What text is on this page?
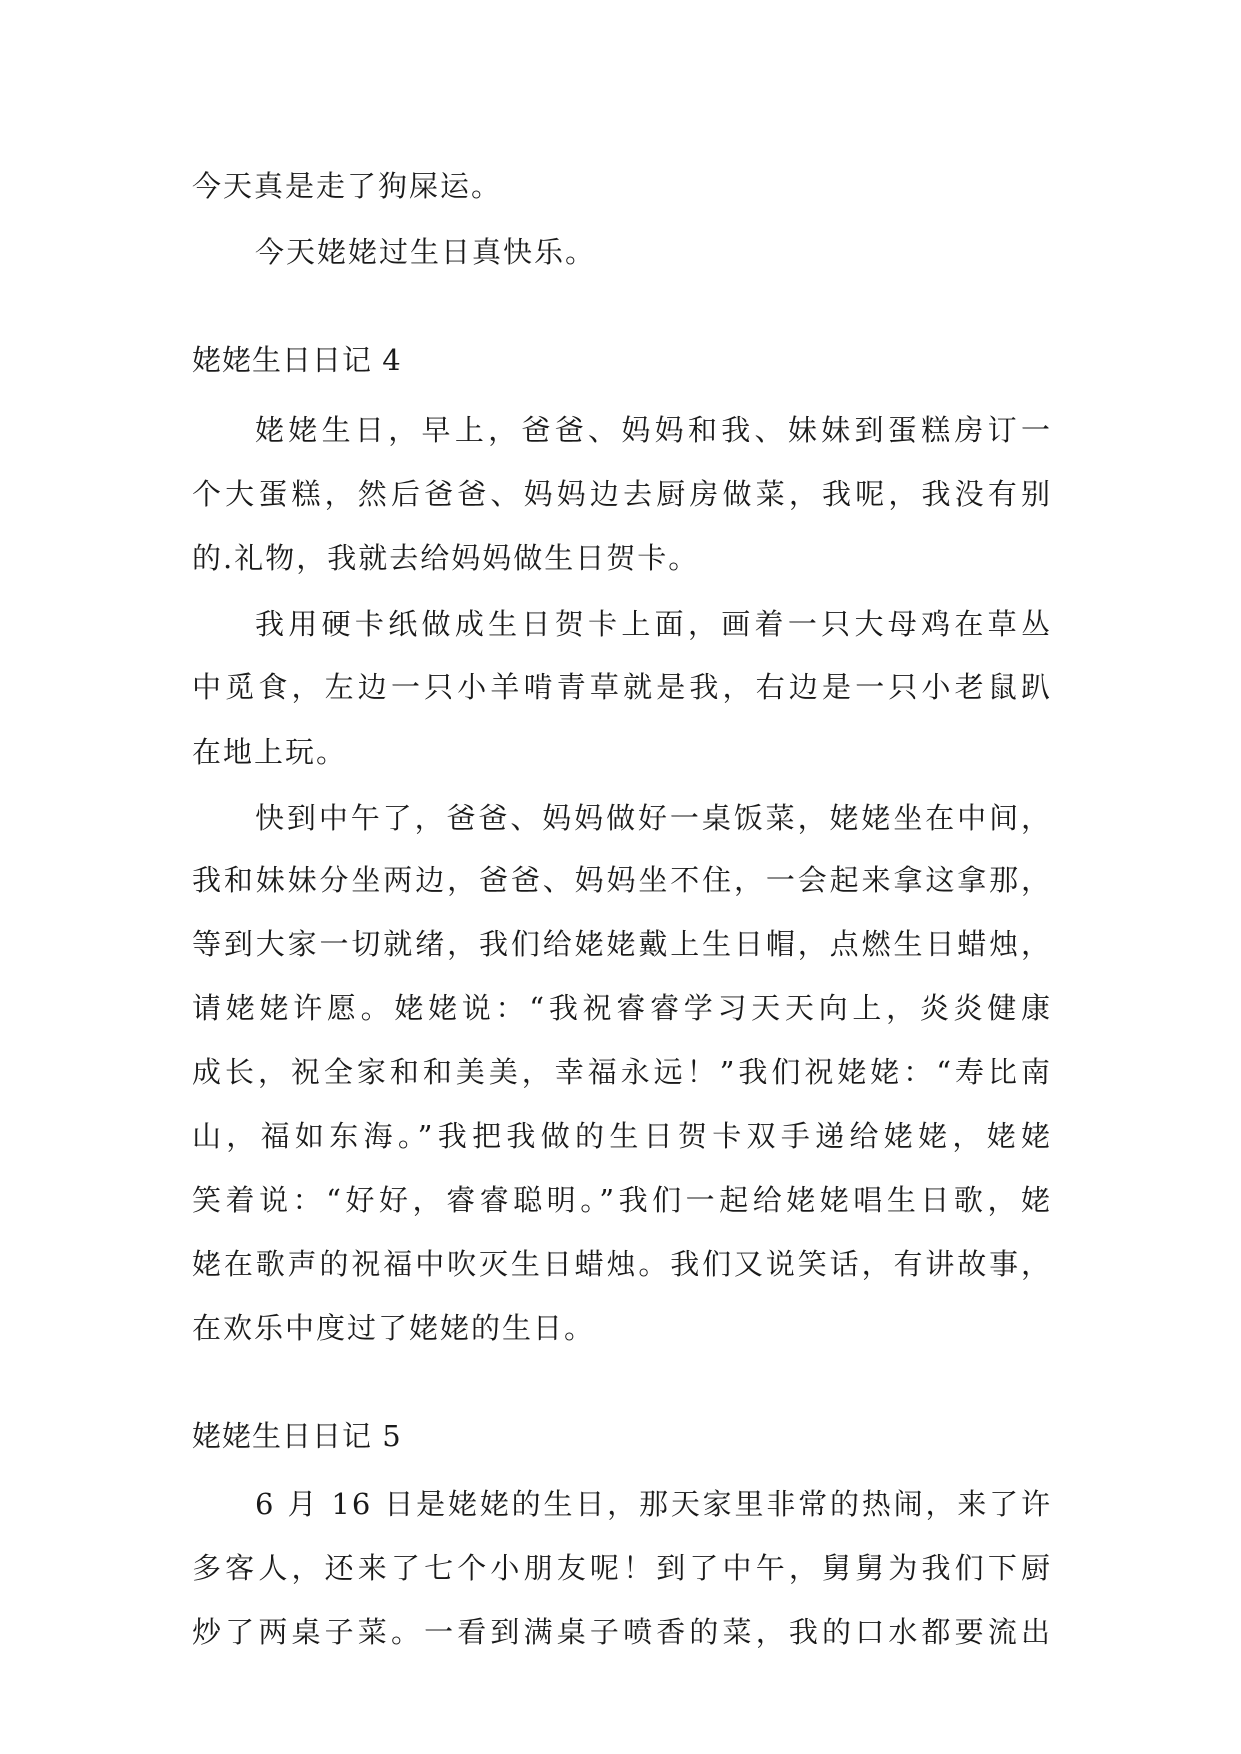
今天真是走了狗屎运。
今天姥姥过生日真快乐。
姥姥生日日记 4
姥姥生日，早上，爸爸、妈妈和我、妹妹到蛋糕房订一
个大蛋糕，然后爸爸、妈妈边去厨房做菜，我呢，我没有别
的.礼物，我就去给妈妈做生日贺卡。
我用硬卡纸做成生日贺卡上面，画着一只大母鸡在草丛
中觅食，左边一只小羊啃青草就是我，右边是一只小老鼠趴
在地上玩。
快到中午了，爸爸、妈妈做好一桌饭菜，姥姥坐在中间，
我和妹妹分坐两边，爸爸、妈妈坐不住，一会起来拿这拿那，
等到大家一切就绪，我们给姥姥戴上生日帽，点燃生日蜡烛，
请姥姥许愿。姥姥说：“我祝睿睿学习天天向上，炎炎健康
成长，祝全家和和美美，幸福永远！”我们祝姥姥：“寿比南
山，福如东海。”我把我做的生日贺卡双手递给姥姥，姥姥
笑着说：“好好，睿睿聪明。”我们一起给姥姥唱生日歌，姥
姥在歌声的祝福中吹灭生日蜡烛。我们又说笑话，有讲故事，
在欢乐中度过了姥姥的生日。
姥姥生日日记 5
6 月 16 日是姥姥的生日，那天家里非常的热闹，来了许
多客人，还来了七个小朋友呢！到了中午，舅舅为我们下厨
炒了两桌子菜。一看到满桌子喷香的菜，我的口水都要流出
